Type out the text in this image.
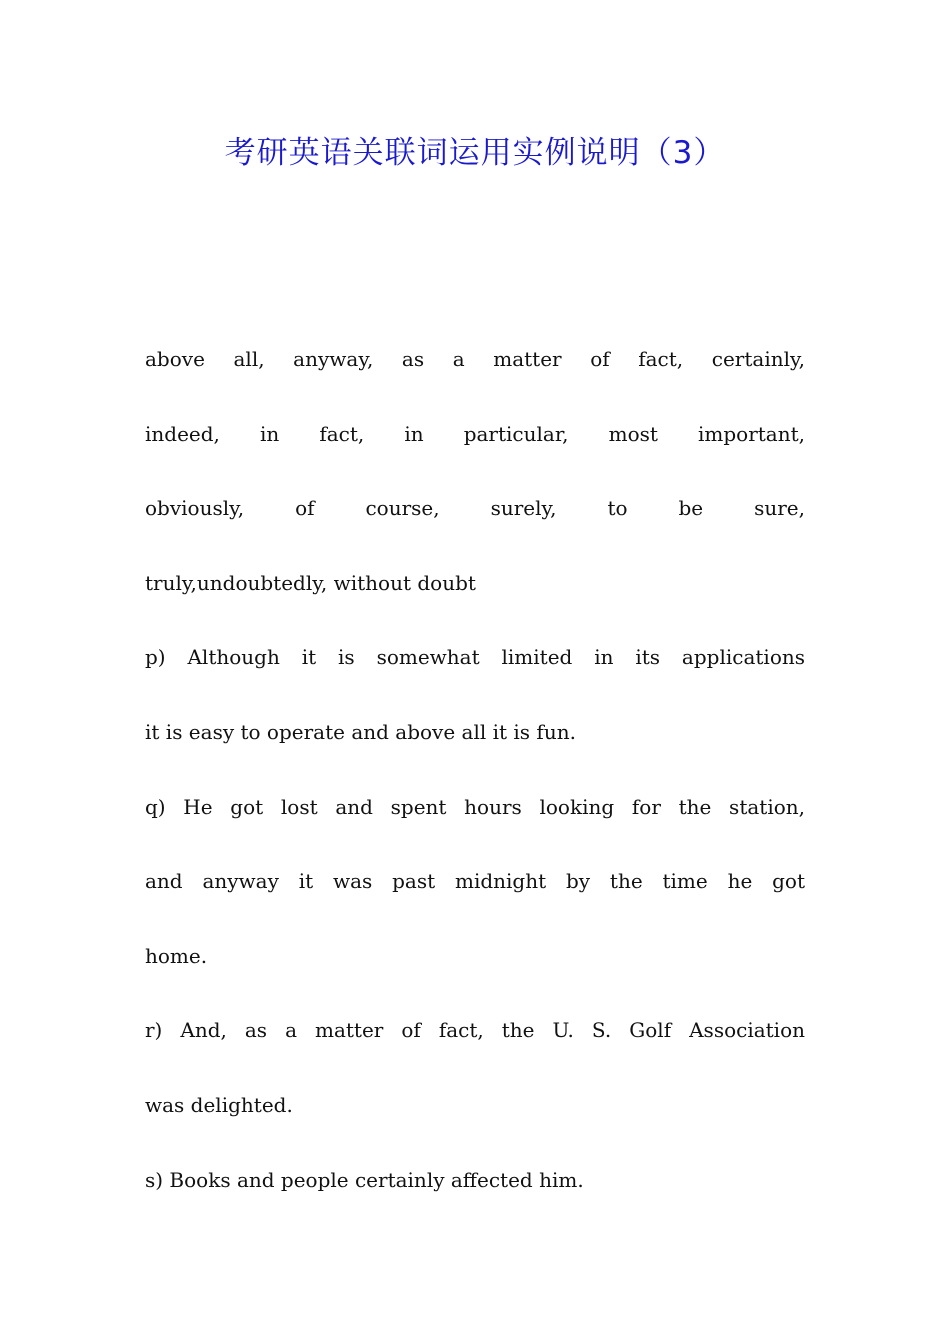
考研英语关联词运用实例说明（3）
above all, anyway, as a matter of fact, certainly,
indeed, in fact, in particular, most important,
obviously, of course, surely, to be sure,
truly,undoubtedly, without doubt
p) Although it is somewhat limited in its applications
it is easy to operate and above all it is fun.
q) He got lost and spent hours looking for the station,
and anyway it was past midnight by the time he got
home.
r) And, as a matter of fact, the U. S. Golf Association
was delighted.
s) Books and people certainly affected him.
